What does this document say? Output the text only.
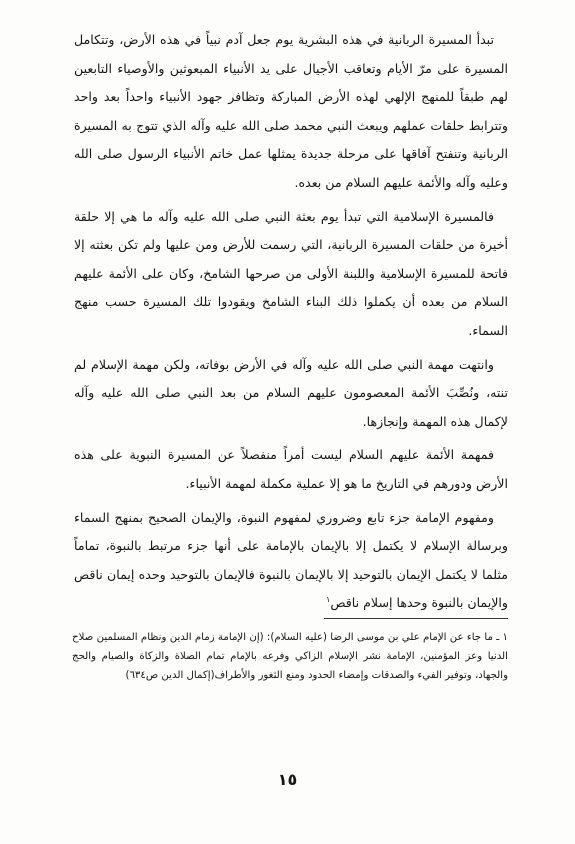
تبدأ المسيرة الربانية في هذه البشرية يوم جعل آدم نبياً في هذه الأرض، وتتكامل المسيرة على مرّ الأيام وتعاقب الأجيال على يد الأنبياء المبعوثين والأوصياء التابعين لهم طبقاً للمنهج الإلهي لهذه الأرض المباركة وتظافر جهود الأنبياء واحداً بعد واحد وتترابط حلقات عملهم ويبعث النبي محمد صلى الله عليه وآله الذي تتوج به المسيرة الربانية وتنفتح آفاقها على مرحلة جديدة يمثلها عمل خاتم الأنبياء الرسول صلى الله وعليه وآله والأئمة عليهم السلام من بعده.

فالمسيرة الإسلامية التي تبدأ يوم بعثة النبي صلى الله عليه وآله ما هي إلا حلقة أخيرة من حلقات المسيرة الربانية، التي رسمت للأرض ومن عليها ولم تكن بعثته إلا فاتحة للمسيرة الإسلامية واللبنة الأولى من صرحها الشامخ، وكان على الأئمة عليهم السلام من بعده أن يكملوا ذلك البناء الشامخ ويقودوا تلك المسيرة حسب منهج السماء.

وانتهت مهمة النبي صلى الله عليه وآله في الأرض بوفاته، ولكن مهمة الإسلام لم تنته، ونُصِّبَ الأئمة المعصومون عليهم السلام من بعد النبي صلى الله عليه وآله لإكمال هذه المهمة وإنجازها.

فمهمة الأئمة عليهم السلام ليست أمراً منفصلاً عن المسيرة النبوية على هذه الأرض ودورهم في التاريخ ما هو إلا عملية مكملة لمهمة الأنبياء.

ومفهوم الإمامة جزء تابع وضروري لمفهوم النبوة، والإيمان الصحيح بمنهج السماء وبرسالة الإسلام لا يكتمل إلا بالإيمان بالإمامة على أنها جزء مرتبط بالنبوة، تماماً مثلما لا يكتمل الإيمان بالتوحيد إلا بالإيمان بالنبوة فالإيمان بالتوحيد وحده إيمان ناقص والإيمان بالنبوة وحدها إسلام ناقص$^١$

١ ـ ما جاء عن الإمام علي بن موسى الرضا (عليه السلام): (إن الإمامة زمام الدين ونظام المسلمين صلاح الدنيا وعز المؤمنين، الإمامة نشر الإسلام الزاكي وفرعه بالإمام تمام الصلاة والزكاة والصيام والحج والجهاد، وتوفير الفيء والصدقات وإمضاء الحدود ومنع الثغور والأطراف(إكمال الدين ص٦٣٤)

١٥
